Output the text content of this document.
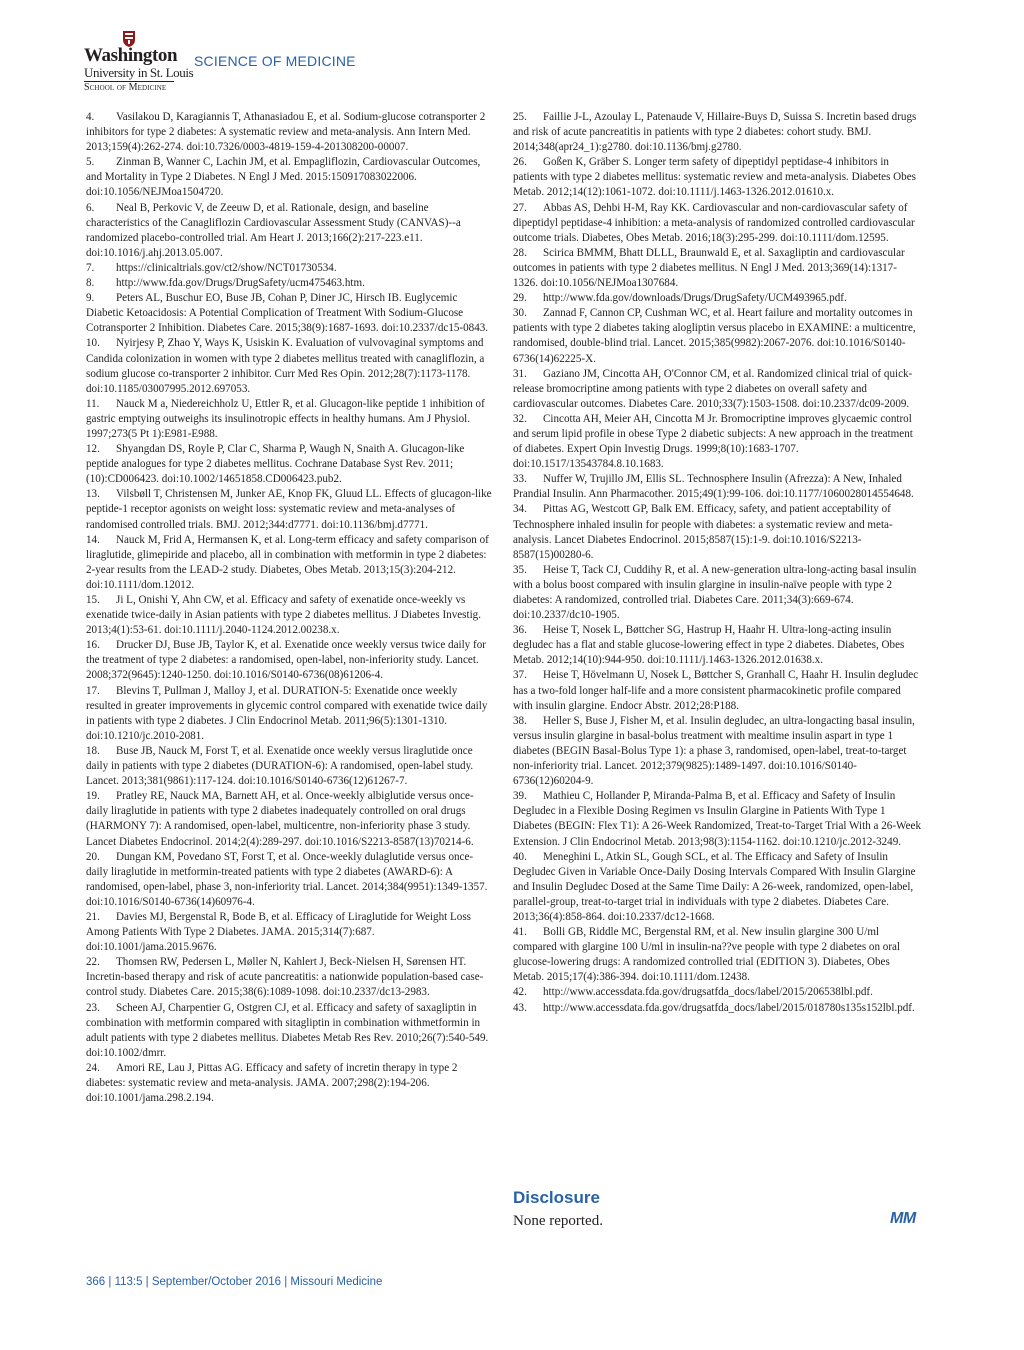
Washington
University in St. Louis
School of Medicine
SCIENCE OF MEDICINE

4. Vasilakou D, Karagiannis T, Athanasiadou E, et al. Sodium-glucose cotransporter 2 inhibitors for type 2 diabetes: A systematic review and meta-analysis. Ann Intern Med. 2013;159(4):262-274. doi:10.7326/0003-4819-159-4-201308200-00007.

5. Zinman B, Wanner C, Lachin JM, et al. Empagliflozin, Cardiovascular Outcomes, and Mortality in Type 2 Diabetes. N Engl J Med. 2015:150917083022006. doi:10.1056/NEJMoa1504720.

6. Neal B, Perkovic V, de Zeeuw D, et al. Rationale, design, and baseline characteristics of the Canagliflozin Cardiovascular Assessment Study (CANVAS)--a randomized placebo-controlled trial. Am Heart J. 2013;166(2):217-223.e11. doi:10.1016/j.ahj.2013.05.007.

7. https://clinicaltrials.gov/ct2/show/NCT01730534.

8. http://www.fda.gov/Drugs/DrugSafety/ucm475463.htm.

9. Peters AL, Buschur EO, Buse JB, Cohan P, Diner JC, Hirsch IB. Euglycemic Diabetic Ketoacidosis: A Potential Complication of Treatment With Sodium-Glucose Cotransporter 2 Inhibition. Diabetes Care. 2015;38(9):1687-1693. doi:10.2337/dc15-0843.

10. Nyirjesy P, Zhao Y, Ways K, Usiskin K. Evaluation of vulvovaginal symptoms and Candida colonization in women with type 2 diabetes mellitus treated with canagliflozin, a sodium glucose co-transporter 2 inhibitor. Curr Med Res Opin. 2012;28(7):1173-1178. doi:10.1185/03007995.2012.697053.

11. Nauck M a, Niedereichholz U, Ettler R, et al. Glucagon-like peptide 1 inhibition of gastric emptying outweighs its insulinotropic effects in healthy humans. Am J Physiol. 1997;273(5 Pt 1):E981-E988.

12. Shyangdan DS, Royle P, Clar C, Sharma P, Waugh N, Snaith A. Glucagon-like peptide analogues for type 2 diabetes mellitus. Cochrane Database Syst Rev. 2011;(10):CD006423. doi:10.1002/14651858.CD006423.pub2.

13. Vilsbøll T, Christensen M, Junker AE, Knop FK, Gluud LL. Effects of glucagon-like peptide-1 receptor agonists on weight loss: systematic review and meta-analyses of randomised controlled trials. BMJ. 2012;344:d7771. doi:10.1136/bmj.d7771.

14. Nauck M, Frid A, Hermansen K, et al. Long-term efficacy and safety comparison of liraglutide, glimepiride and placebo, all in combination with metformin in type 2 diabetes: 2-year results from the LEAD-2 study. Diabetes, Obes Metab. 2013;15(3):204-212. doi:10.1111/dom.12012.

15. Ji L, Onishi Y, Ahn CW, et al. Efficacy and safety of exenatide once-weekly vs exenatide twice-daily in Asian patients with type 2 diabetes mellitus. J Diabetes Investig. 2013;4(1):53-61. doi:10.1111/j.2040-1124.2012.00238.x.

16. Drucker DJ, Buse JB, Taylor K, et al. Exenatide once weekly versus twice daily for the treatment of type 2 diabetes: a randomised, open-label, non-inferiority study. Lancet. 2008;372(9645):1240-1250. doi:10.1016/S0140-6736(08)61206-4.

17. Blevins T, Pullman J, Malloy J, et al. DURATION-5: Exenatide once weekly resulted in greater improvements in glycemic control compared with exenatide twice daily in patients with type 2 diabetes. J Clin Endocrinol Metab. 2011;96(5):1301-1310. doi:10.1210/jc.2010-2081.

18. Buse JB, Nauck M, Forst T, et al. Exenatide once weekly versus liraglutide once daily in patients with type 2 diabetes (DURATION-6): A randomised, open-label study. Lancet. 2013;381(9861):117-124. doi:10.1016/S0140-6736(12)61267-7.

19. Pratley RE, Nauck MA, Barnett AH, et al. Once-weekly albiglutide versus once-daily liraglutide in patients with type 2 diabetes inadequately controlled on oral drugs (HARMONY 7): A randomised, open-label, multicentre, non-inferiority phase 3 study. Lancet Diabetes Endocrinol. 2014;2(4):289-297. doi:10.1016/S2213-8587(13)70214-6.

20. Dungan KM, Povedano ST, Forst T, et al. Once-weekly dulaglutide versus once-daily liraglutide in metformin-treated patients with type 2 diabetes (AWARD-6): A randomised, open-label, phase 3, non-inferiority trial. Lancet. 2014;384(9951):1349-1357. doi:10.1016/S0140-6736(14)60976-4.

21. Davies MJ, Bergenstal R, Bode B, et al. Efficacy of Liraglutide for Weight Loss Among Patients With Type 2 Diabetes. JAMA. 2015;314(7):687. doi:10.1001/jama.2015.9676.

22. Thomsen RW, Pedersen L, Møller N, Kahlert J, Beck-Nielsen H, Sørensen HT. Incretin-based therapy and risk of acute pancreatitis: a nationwide population-based case-control study. Diabetes Care. 2015;38(6):1089-1098. doi:10.2337/dc13-2983.

23. Scheen AJ, Charpentier G, Ostgren CJ, et al. Efficacy and safety of saxagliptin in combination with metformin compared with sitagliptin in combination withmetformin in adult patients with type 2 diabetes mellitus. Diabetes Metab Res Rev. 2010;26(7):540-549. doi:10.1002/dmrr.

24. Amori RE, Lau J, Pittas AG. Efficacy and safety of incretin therapy in type 2 diabetes: systematic review and meta-analysis. JAMA. 2007;298(2):194-206. doi:10.1001/jama.298.2.194.

25. Faillie J-L, Azoulay L, Patenaude V, Hillaire-Buys D, Suissa S. Incretin based drugs and risk of acute pancreatitis in patients with type 2 diabetes: cohort study. BMJ. 2014;348(apr24_1):g2780. doi:10.1136/bmj.g2780.

26. Goßen K, Gräber S. Longer term safety of dipeptidyl peptidase-4 inhibitors in patients with type 2 diabetes mellitus: systematic review and meta-analysis. Diabetes Obes Metab. 2012;14(12):1061-1072. doi:10.1111/j.1463-1326.2012.01610.x.

27. Abbas AS, Dehbi H-M, Ray KK. Cardiovascular and non-cardiovascular safety of dipeptidyl peptidase-4 inhibition: a meta-analysis of randomized controlled cardiovascular outcome trials. Diabetes, Obes Metab. 2016;18(3):295-299. doi:10.1111/dom.12595.

28. Scirica BMMM, Bhatt DLLL, Braunwald E, et al. Saxagliptin and cardiovascular outcomes in patients with type 2 diabetes mellitus. N Engl J Med. 2013;369(14):1317-1326. doi:10.1056/NEJMoa1307684.

29. http://www.fda.gov/downloads/Drugs/DrugSafety/UCM493965.pdf.

30. Zannad F, Cannon CP, Cushman WC, et al. Heart failure and mortality outcomes in patients with type 2 diabetes taking alogliptin versus placebo in EXAMINE: a multicentre, randomised, double-blind trial. Lancet. 2015;385(9982):2067-2076. doi:10.1016/S0140-6736(14)62225-X.

31. Gaziano JM, Cincotta AH, O'Connor CM, et al. Randomized clinical trial of quick-release bromocriptine among patients with type 2 diabetes on overall safety and cardiovascular outcomes. Diabetes Care. 2010;33(7):1503-1508. doi:10.2337/dc09-2009.

32. Cincotta AH, Meier AH, Cincotta M Jr. Bromocriptine improves glycaemic control and serum lipid profile in obese Type 2 diabetic subjects: A new approach in the treatment of diabetes. Expert Opin Investig Drugs. 1999;8(10):1683-1707. doi:10.1517/13543784.8.10.1683.

33. Nuffer W, Trujillo JM, Ellis SL. Technosphere Insulin (Afrezza): A New, Inhaled Prandial Insulin. Ann Pharmacother. 2015;49(1):99-106. doi:10.1177/1060028014554648.

34. Pittas AG, Westcott GP, Balk EM. Efficacy, safety, and patient acceptability of Technosphere inhaled insulin for people with diabetes: a systematic review and meta-analysis. Lancet Diabetes Endocrinol. 2015;8587(15):1-9. doi:10.1016/S2213-8587(15)00280-6.

35. Heise T, Tack CJ, Cuddihy R, et al. A new-generation ultra-long-acting basal insulin with a bolus boost compared with insulin glargine in insulin-naïve people with type 2 diabetes: A randomized, controlled trial. Diabetes Care. 2011;34(3):669-674. doi:10.2337/dc10-1905.

36. Heise T, Nosek L, Bøttcher SG, Hastrup H, Haahr H. Ultra-long-acting insulin degludec has a flat and stable glucose-lowering effect in type 2 diabetes. Diabetes, Obes Metab. 2012;14(10):944-950. doi:10.1111/j.1463-1326.2012.01638.x.

37. Heise T, Hövelmann U, Nosek L, Bøttcher S, Granhall C, Haahr H. Insulin degludec has a two-fold longer half-life and a more consistent pharmacokinetic profile compared with insulin glargine. Endocr Abstr. 2012;28:P188.

38. Heller S, Buse J, Fisher M, et al. Insulin degludec, an ultra-longacting basal insulin, versus insulin glargine in basal-bolus treatment with mealtime insulin aspart in type 1 diabetes (BEGIN Basal-Bolus Type 1): a phase 3, randomised, open-label, treat-to-target non-inferiority trial. Lancet. 2012;379(9825):1489-1497. doi:10.1016/S0140-6736(12)60204-9.

39. Mathieu C, Hollander P, Miranda-Palma B, et al. Efficacy and Safety of Insulin Degludec in a Flexible Dosing Regimen vs Insulin Glargine in Patients With Type 1 Diabetes (BEGIN: Flex T1): A 26-Week Randomized, Treat-to-Target Trial With a 26-Week Extension. J Clin Endocrinol Metab. 2013;98(3):1154-1162. doi:10.1210/jc.2012-3249.

40. Meneghini L, Atkin SL, Gough SCL, et al. The Efficacy and Safety of Insulin Degludec Given in Variable Once-Daily Dosing Intervals Compared With Insulin Glargine and Insulin Degludec Dosed at the Same Time Daily: A 26-week, randomized, open-label, parallel-group, treat-to-target trial in individuals with type 2 diabetes. Diabetes Care. 2013;36(4):858-864. doi:10.2337/dc12-1668.

41. Bolli GB, Riddle MC, Bergenstal RM, et al. New insulin glargine 300 U/ml compared with glargine 100 U/ml in insulin-na??ve people with type 2 diabetes on oral glucose-lowering drugs: A randomized controlled trial (EDITION 3). Diabetes, Obes Metab. 2015;17(4):386-394. doi:10.1111/dom.12438.

42. http://www.accessdata.fda.gov/drugsatfda_docs/label/2015/206538lbl.pdf.

43. http://www.accessdata.fda.gov/drugsatfda_docs/label/2015/018780s135s152lbl.pdf.

Disclosure
None reported.	MM
366 | 113:5 | September/October 2016 | Missouri Medicine
